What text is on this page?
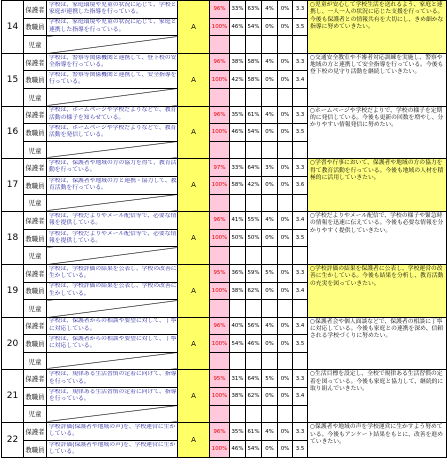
14	保護者	学校は、家庭環境や児童の状況に応じて、学校と家庭が連携した指導を行っている。	A	96%	33%	63%	4%	0%	3.3	○児童が安心して学校生活を送れるよう、家庭と連携し、一人一人の状況に応じた支援を行っている。今後も保護者との情報共有を大切にし、きめ細かな指導に努めていきたい。

	教職員	学校は、家庭環境や児童の状況に応じて、家庭と連携した指導を行っている。		100%	46%	54%	0%	0%	3.5	
	児童									
15	保護者	学校は、警察等関係機関と連携して、登下校の安全指導を行っている。	A	96%	38%	58%	4%	0%	3.3	○交通安全教室や不審者対応訓練を実施し、警察や地域の方と連携して安全指導を行っている。今後も登下校の見守り活動を継続していきたい。

	教職員	学校は、警察等関係機関と連携して、安全指導を行っている。		100%	42%	58%	0%	0%	3.4	
	児童									
16	保護者	学校は、ホームページや学校だよりなどで、教育活動の様子を知らせている。	A	96%	35%	61%	4%	0%	3.3	○ホームページや学校だよりで、学校の様子を定期的に発信している。今後も更新の回数を増やし、分かりやすい情報発信に努めたい。

	教職員	学校は、ホームページや学校だよりなどで、教育活動を発信している。		100%	46%	54%	0%	0%	3.5	
	児童									
17	保護者	学校は、保護者や地域の方の協力を得て、教育活動を行っている。	A	97%	33%	64%	3%	0%	3.3	○学習や行事において、保護者や地域の方の協力を得て教育活動を行っている。今後も地域の人材を積極的に活用していきたい。

	教職員	学校は、保護者や地域の方と連携・協力して、教育活動を行っている。		100%	58%	42%	0%	0%	3.6	
	児童									
18	保護者	学校は、学校だよりやメール配信等で、必要な情報を提供している。	A	96%	41%	55%	4%	0%	3.4	○学校だよりやメール配信で、学校の様子や緊急時の情報を迅速に伝えている。今後も必要な情報を分かりやすく提供していきたい。

	教職員	学校は、学校だよりやメール配信等で、必要な情報を提供している。		100%	50%	50%	0%	0%	3.5	
	児童									
19	保護者	学校は、学校評価の結果を公表し、学校の改善に生かしている。	A	95%	36%	59%	5%	0%	3.3	○学校評価の結果を保護者に公表し、学校運営の改善に生かしている。今後も結果を分析し、教育活動の充実を図っていきたい。

	教職員	学校は、学校評価の結果を公表し、学校の改善に生かしている。		100%	38%	62%	0%	0%	3.4	
	児童									
20	保護者	学校は、保護者からの相談や要望に対して、丁寧に対応している。	A	96%	40%	56%	4%	0%	3.4	○保護者会や個人面談などで、保護者の相談に丁寧に対応している。今後も家庭との連携を深め、信頼される学校づくりに努めたい。

	教職員	学校は、保護者からの相談や要望に対して、丁寧に対応している。		100%	54%	46%	0%	0%	3.5	
	児童									
21	保護者	学校は、規律ある生活習慣の定着に向けて、指導を行っている。	A	95%	31%	64%	5%	0%	3.3	○生活目標を設定し、全校で規律ある生活習慣の定着を図っている。今後も家庭と協力して、継続的に取り組んでいきたい。

	教職員	学校は、規律ある生活習慣の定着に向けて、指導を行っている。		100%	38%	62%	0%	0%	3.4	
	児童									
22	保護者	学校評価(保護者や地域の声)を、学校運営に生かしている。	A	96%	35%	61%	4%	0%	3.3	○保護者や地域の声を学校運営に生かすよう努めている。今後もアンケート結果をもとに、改善を進めていきたい。

	教職員	学校評価(保護者や地域の声)を、学校運営に生かしている。		100%	46%	54%	0%	0%	3.5	
